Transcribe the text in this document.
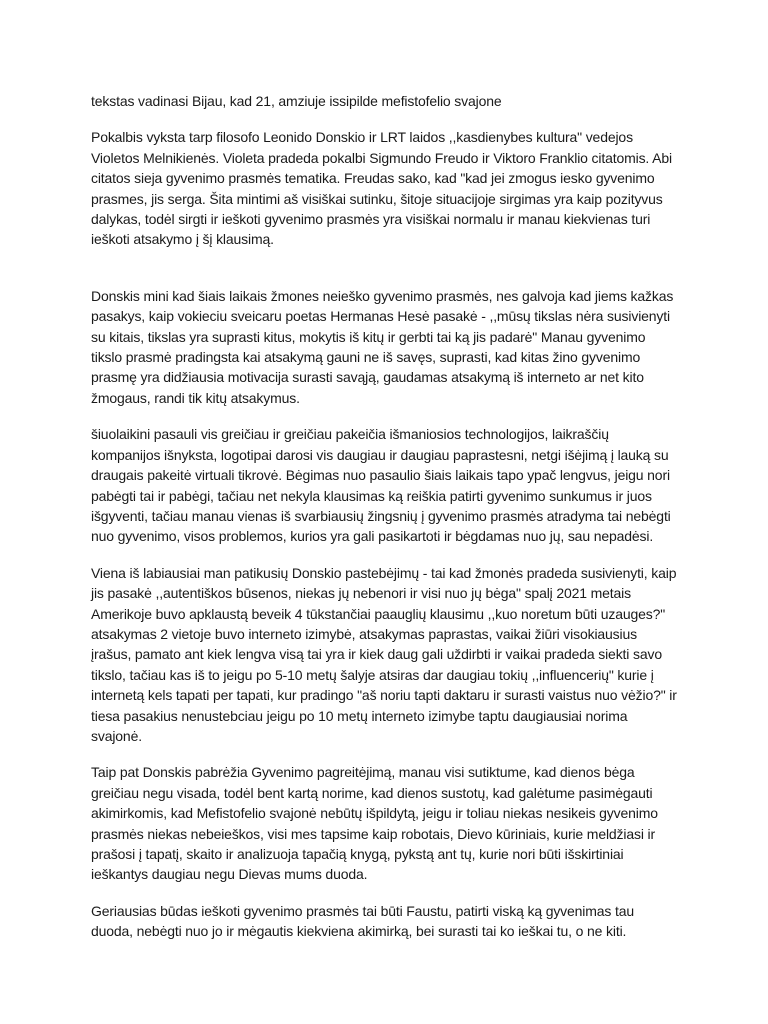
tekstas vadinasi Bijau, kad 21, amziuje issipilde mefistofelio svajone

Pokalbis vyksta tarp filosofo Leonido Donskio ir LRT laidos ,,kasdienybes kultura" vedejos Violetos Melnikienės. Violeta pradeda pokalbi Sigmundo Freudo ir Viktoro Franklio citatomis. Abi citatos sieja gyvenimo prasmės tematika. Freudas sako, kad "kad jei zmogus iesko gyvenimo prasmes, jis serga. Šita mintimi aš visiškai sutinku, šitoje situacijoje sirgimas yra kaip pozityvus dalykas, todėl sirgti ir ieškoti gyvenimo prasmės yra visiškai normalu ir manau kiekvienas turi ieškoti atsakymo į šį klausimą.

Donskis mini kad šiais laikais žmones neieško gyvenimo prasmės, nes galvoja kad jiems kažkas pasakys, kaip vokieciu sveicaru poetas Hermanas Hesė pasakė - ,,mūsų tikslas nėra susivienyti su kitais, tikslas yra suprasti kitus, mokytis iš kitų ir gerbti tai ką jis padarė" Manau gyvenimo tikslo prasmė pradingsta kai atsakymą gauni ne iš savęs, suprasti, kad kitas žino gyvenimo prasmę yra didžiausia motivacija surasti savąją, gaudamas atsakymą iš interneto ar net kito žmogaus, randi tik kitų atsakymus.

šiuolaikini pasauli vis greičiau ir greičiau pakeičia išmaniosios technologijos, laikraščių kompanijos išnyksta, logotipai darosi vis daugiau ir daugiau paprastesni, netgi išėjimą į lauką su draugais pakeitė virtuali tikrovė. Bėgimas nuo pasaulio šiais laikais tapo ypač lengvus, jeigu nori pabėgti tai ir pabėgi, tačiau net nekyla klausimas ką reiškia patirti gyvenimo sunkumus ir juos išgyventi, tačiau manau vienas iš svarbiausių žingsnių į gyvenimo prasmės atradyma tai nebėgti nuo gyvenimo, visos problemos, kurios yra gali pasikartoti ir bėgdamas nuo jų, sau nepadėsi.

Viena iš labiausiai man patikusių Donskio pastebėjimų - tai kad žmonės pradeda susivienyti, kaip jis pasakė ,,autentiškos būsenos, niekas jų nebenori ir visi nuo jų bėga" spalį 2021 metais Amerikoje buvo apklaustą beveik 4 tūkstančiai paauglių klausimu ,,kuo noretum būti uzauges?" atsakymas 2 vietoje buvo interneto izimybė, atsakymas paprastas, vaikai žiūri visokiausius įrašus, pamato ant kiek lengva visą tai yra ir kiek daug gali uždirbti ir vaikai pradeda siekti savo tikslo, tačiau kas iš to jeigu po 5-10 metų šalyje atsiras dar daugiau tokių ,,influencerių" kurie į internetą kels tapati per tapati, kur pradingo "aš noriu tapti daktaru ir surasti vaistus nuo vėžio?" ir tiesa pasakius nenustebciau jeigu po 10 metų interneto izimybe taptu daugiausiai norima svajonė.

Taip pat Donskis pabrėžia Gyvenimo pagreitėjimą, manau visi sutiktume, kad dienos bėga greičiau negu visada, todėl bent kartą norime, kad dienos sustotų, kad galėtume pasimėgauti akimirkomis, kad Mefistofelio svajonė nebūtų išpildytą, jeigu ir toliau niekas nesikeis gyvenimo prasmės niekas nebeieškos, visi mes tapsime kaip robotais, Dievo kūriniais, kurie meldžiasi ir prašosi į tapatį, skaito ir analizuoja tapačią knygą, pykstą ant tų, kurie nori būti išskirtiniai ieškantys daugiau negu Dievas mums duoda.

Geriausias būdas ieškoti gyvenimo prasmės tai būti Faustu, patirti viską ką gyvenimas tau duoda, nebėgti nuo jo ir mėgautis kiekviena akimirką, bei surasti tai ko ieškai tu, o ne kiti.
